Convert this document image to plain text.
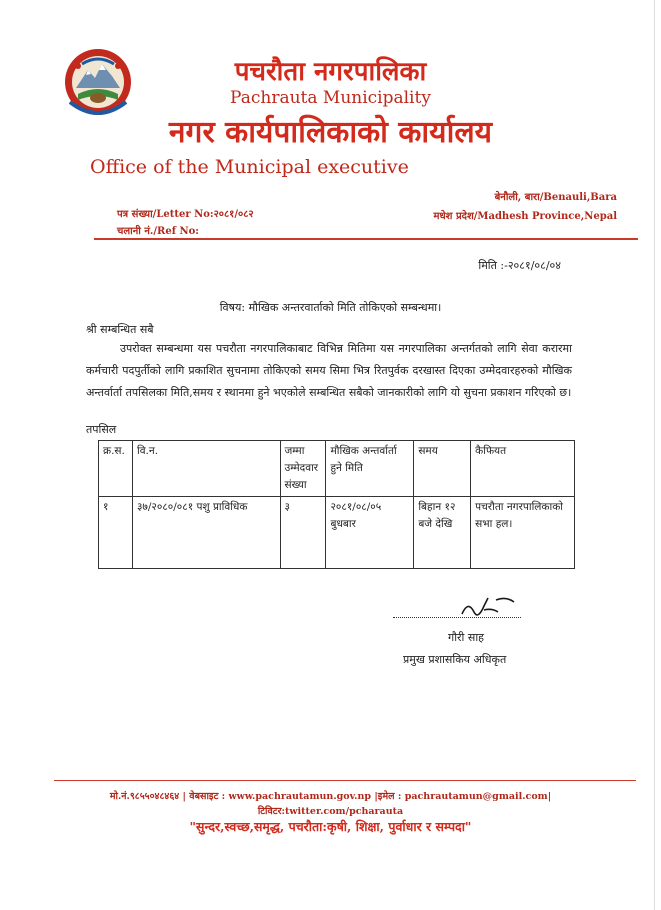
पचरौता नगरपालिका
Pachrauta Municipality
नगर कार्यपालिकाको कार्यालय
Office of the Municipal executive
बेनौली, बारा/Benauli,Bara
मधेश प्रदेश/Madhesh Province,Nepal
पत्र संख्या/Letter No:२०८१/०८२
चलानी नं./Ref No:
मिति :-२०८१/०८/०४
विषय: मौखिक अन्तरवार्ताको मिति तोकिएको सम्बन्धमा।
श्री सम्बन्धित सबै
उपरोक्त सम्बन्धमा यस पचरौता नगरपालिकाबाट विभिन्न मितिमा यस नगरपालिका अन्तर्गतको लागि सेवा करारमा कर्मचारी पदपुर्तीको लागि प्रकाशित सुचनामा तोकिएको समय सिमा भित्र रितपुर्वक दरखास्त दिएका उम्मेदवारहरुको मौखिक अन्तर्वार्ता तपसिलका मिति,समय र स्थानमा हुने भएकोले सम्बन्धित सबैको जानकारीको लागि यो सुचना प्रकाशन गरिएको छ।
तपसिल
क्र.स.	वि.न.	जम्मा उम्मेदवार संख्या	मौखिक अन्तर्वार्ता हुने मिति	समय	कैफियत
१	३७/२०८०/०८१ पशु प्राविधिक	३	२०८१/०८/०५ बुधबार	बिहान १२ बजे देखि	पचरौता नगरपालिकाको सभा हल।
गौरी साह
प्रमुख प्रशासकिय अधिकृत
मो.नं.९८५५०४८४६४ | वेबसाइट : www.pachrautamun.gov.np |इमेल : pachrautamun@gmail.com|
टिविटर:twitter.com/pcharauta
"सुन्दर,स्वच्छ,समृद्ध, पचरौता:कृषी, शिक्षा, पुर्वाधार र सम्पदा"
